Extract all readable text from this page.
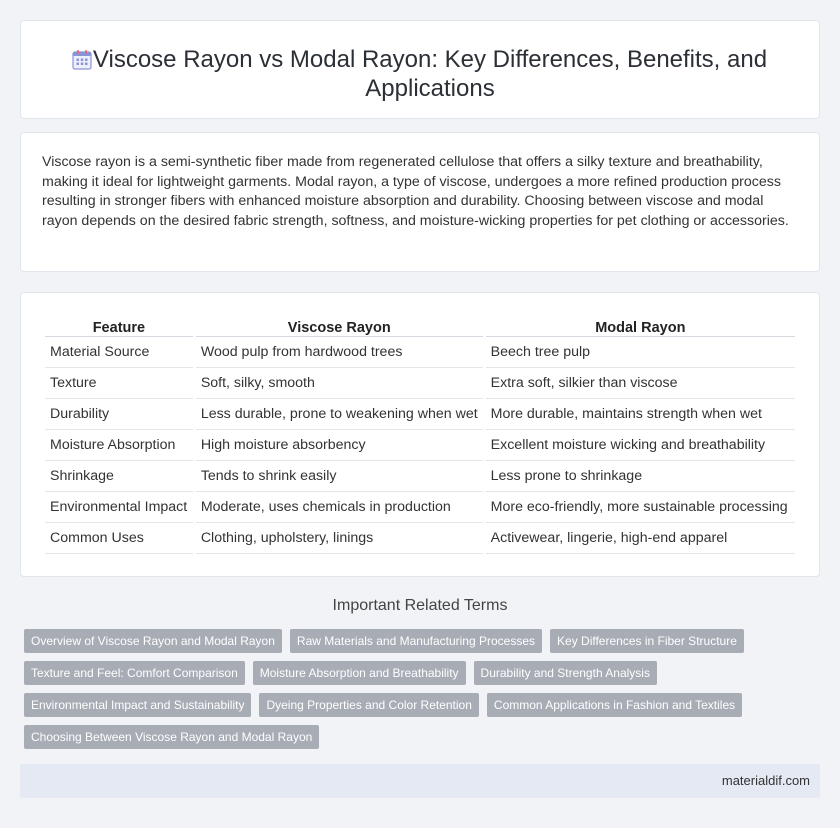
Viscose Rayon vs Modal Rayon: Key Differences, Benefits, and Applications

Viscose rayon is a semi-synthetic fiber made from regenerated cellulose that offers a silky texture and breathability, making it ideal for lightweight garments. Modal rayon, a type of viscose, undergoes a more refined production process resulting in stronger fibers with enhanced moisture absorption and durability. Choosing between viscose and modal rayon depends on the desired fabric strength, softness, and moisture-wicking properties for pet clothing or accessories.

Feature	Viscose Rayon	Modal Rayon
Material Source	Wood pulp from hardwood trees	Beech tree pulp
Texture	Soft, silky, smooth	Extra soft, silkier than viscose
Durability	Less durable, prone to weakening when wet	More durable, maintains strength when wet
Moisture Absorption	High moisture absorbency	Excellent moisture wicking and breathability
Shrinkage	Tends to shrink easily	Less prone to shrinkage
Environmental Impact	Moderate, uses chemicals in production	More eco-friendly, more sustainable processing
Common Uses	Clothing, upholstery, linings	Activewear, lingerie, high-end apparel
Important Related Terms
Overview of Viscose Rayon and Modal Rayon	Raw Materials and Manufacturing Processes	Key Differences in Fiber Structure
Texture and Feel: Comfort Comparison	Moisture Absorption and Breathability	Durability and Strength Analysis
Environmental Impact and Sustainability	Dyeing Properties and Color Retention	Common Applications in Fashion and Textiles
Choosing Between Viscose Rayon and Modal Rayon
materialdif.com
